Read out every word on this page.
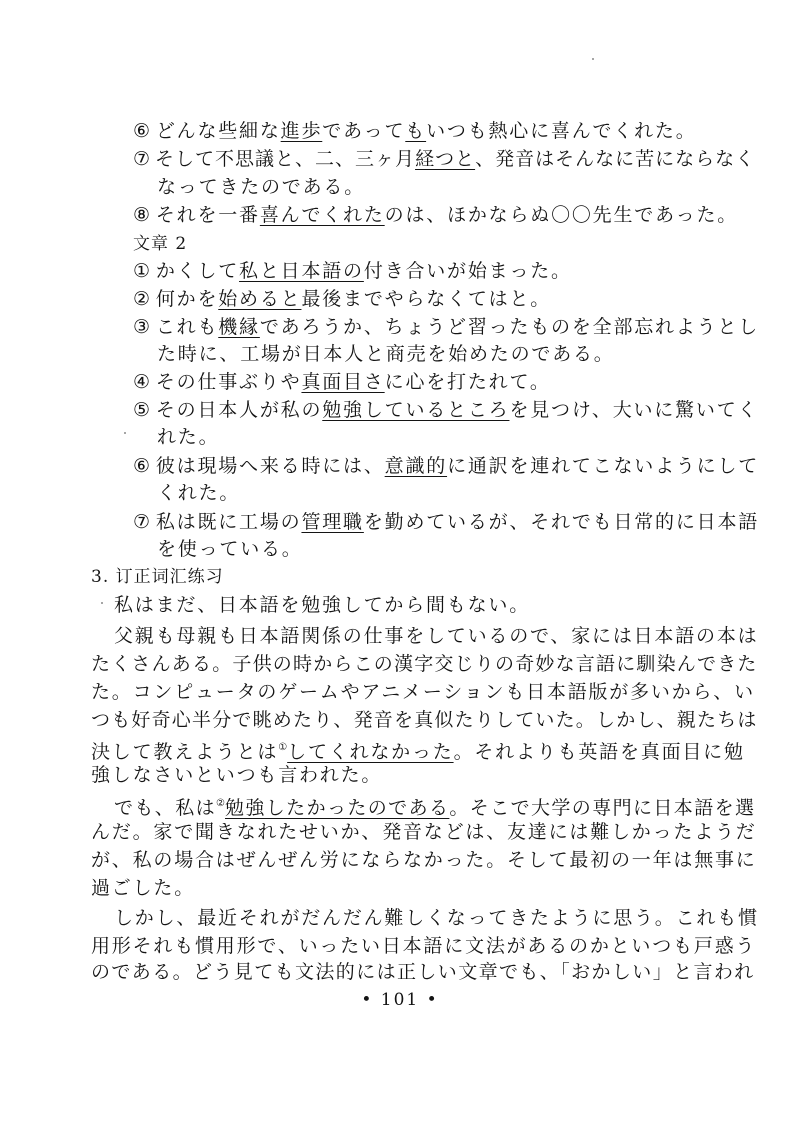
⑥ どんな些細な進歩であってもいつも熱心に喜んでくれた。
⑦ そして不思議と、二、三ヶ月経つと、発音はそんなに苦にならなく
なってきたのである。
⑧ それを一番喜んでくれたのは、ほかならぬ〇〇先生であった。
文章 2
① かくして私と日本語の付き合いが始まった。
② 何かを始めると最後までやらなくてはと。
③ これも機縁であろうか、ちょうど習ったものを全部忘れようとし
た時に、工場が日本人と商売を始めたのである。
④ その仕事ぶりや真面目さに心を打たれて。
⑤ その日本人が私の勉強しているところを見つけ、大いに驚いてく
れた。
⑥ 彼は現場へ来る時には、意識的に通訳を連れてこないようにして
くれた。
⑦ 私は既に工場の管理職を勤めているが、それでも日常的に日本語
を使っている。
3. 订正词汇练习
私はまだ、日本語を勉強してから間もない。
父親も母親も日本語関係の仕事をしているので、家には日本語の本は
たくさんある。子供の時からこの漢字交じりの奇妙な言語に馴染んできた
た。コンピュータのゲームやアニメーションも日本語版が多いから、い
つも好奇心半分で眺めたり、発音を真似たりしていた。しかし、親たちは
決して教えようとは①してくれなかった。それよりも英語を真面目に勉
強しなさいといつも言われた。
でも、私は②勉強したかったのである。そこで大学の専門に日本語を選
んだ。家で聞きなれたせいか、発音などは、友達には難しかったようだ
が、私の場合はぜんぜん労にならなかった。そして最初の一年は無事に
過ごした。
しかし、最近それがだんだん難しくなってきたように思う。これも慣
用形それも慣用形で、いったい日本語に文法があるのかといつも戸惑う
のである。どう見ても文法的には正しい文章でも、「おかしい」と言われ
• 101 •
